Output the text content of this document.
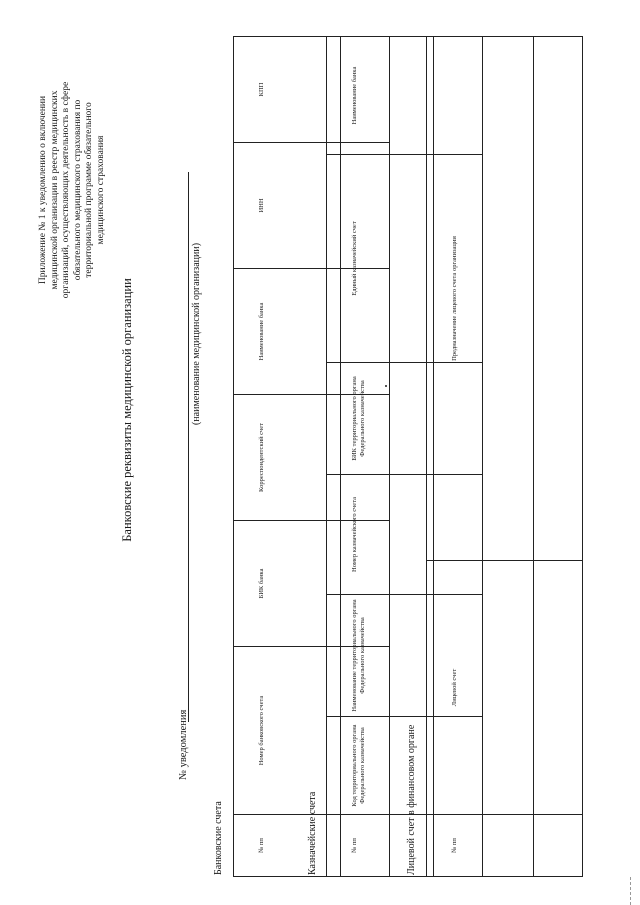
Приложение № 1 к уведомлению о включении медицинской организации в реестр медицинских организаций, осуществляющих деятельность в сфере обязательного медицинского страхования по территориальной программе обязательного медицинского страхования
Банковские реквизиты медицинской организации
№ уведомления
(наименование медицинской организации)
Банковские счета	№ пп	Номер банковского счета	БИК банка	Корреспондентский счет	Наименование банка	ИНН	КПП

Казначейские счета	№ пп	Код территориального органа Федерального казначейства	Наименование территориального органа Федерального казначейства	Номер казначейского счета	БИК территориального органа Федерального казначейства	Единый казначейский счет	Наименование банка

Лицевой счет в финансовом органе	№ пп	Лицевой счет	Предназначение лицевого счета организации
